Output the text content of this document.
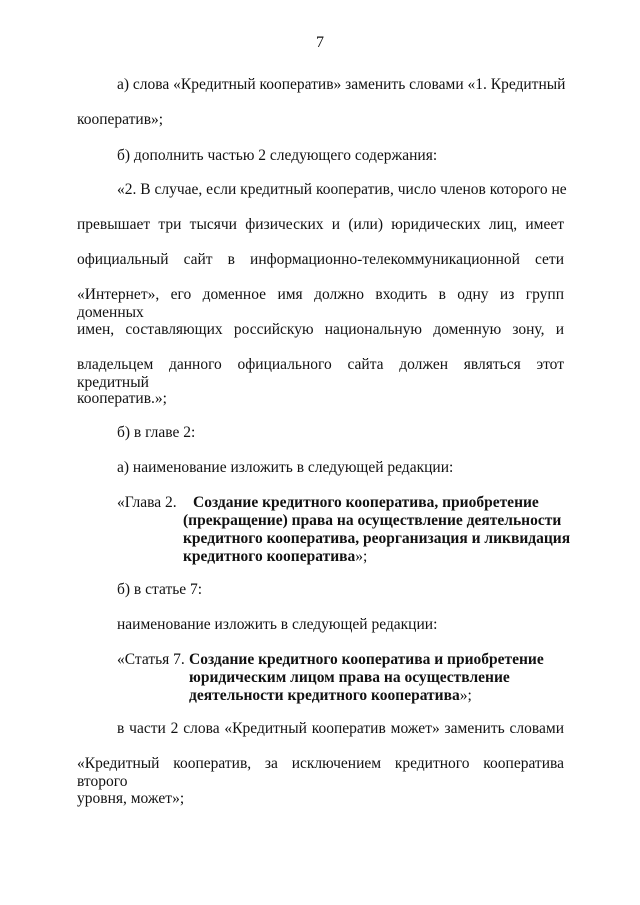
7
а) слова «Кредитный кооператив» заменить словами «1. Кредитный
кооператив»;
б) дополнить частью 2 следующего содержания:
«2. В случае, если кредитный кооператив, число членов которого не
превышает три тысячи физических и (или) юридических лиц, имеет
официальный сайт в информационно-телекоммуникационной сети
«Интернет», его доменное имя должно входить в одну из групп доменных
имен, составляющих российскую национальную доменную зону, и
владельцем данного официального сайта должен являться этот кредитный
кооператив.»;
б) в главе 2:
а) наименование изложить в следующей редакции:
«Глава 2. Создание кредитного кооператива, приобретение
(прекращение) права на осуществление деятельности
кредитного кооператива, реорганизация и ликвидация
кредитного кооператива»;
б) в статье 7:
наименование изложить в следующей редакции:
«Статья 7. Создание кредитного кооператива и приобретение
юридическим лицом права на осуществление
деятельности кредитного кооператива»;
в части 2 слова «Кредитный кооператив может» заменить словами
«Кредитный кооператив, за исключением кредитного кооператива второго
уровня, может»;
